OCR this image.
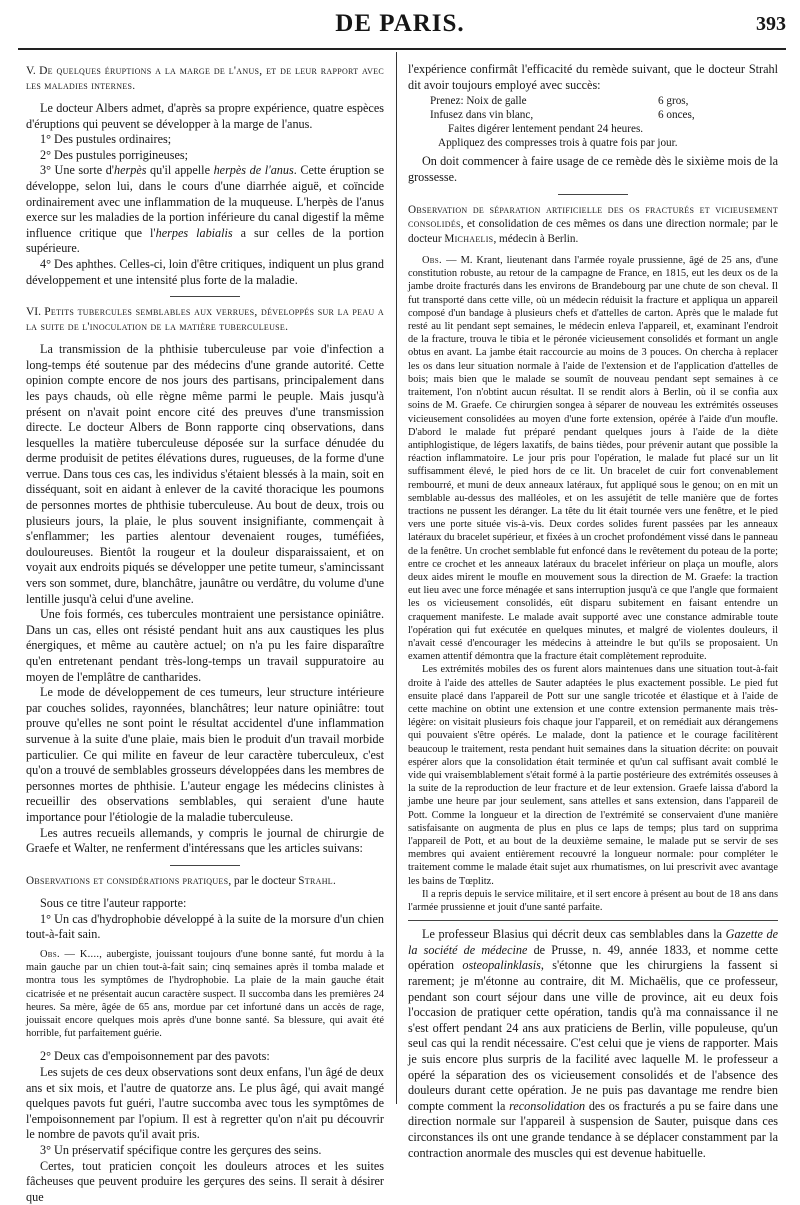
DE PARIS.	393

V. De quelques éruptions a la marge de l'anus, et de leur rapport avec les maladies internes.

Le docteur Albers admet, d'après sa propre expérience, quatre espèces d'éruptions qui peuvent se développer à la marge de l'anus.

1° Des pustules ordinaires;

2° Des pustules porrigineuses;

3° Une sorte d'herpès qu'il appelle herpès de l'anus. Cette éruption se développe, selon lui, dans le cours d'une diarrhée aiguë, et coïncide ordinairement avec une inflammation de la muqueuse. L'herpès de l'anus exerce sur les maladies de la portion inférieure du canal digestif la même influence critique que l'herpes labialis a sur celles de la portion supérieure.

4° Des aphthes. Celles-ci, loin d'être critiques, indiquent un plus grand développement et une intensité plus forte de la maladie.

VI. Petits tubercules semblables aux verrues, développés sur la peau a la suite de l'inoculation de la matière tuberculeuse.

La transmission de la phthisie tuberculeuse par voie d'infection a long-temps été soutenue par des médecins d'une grande autorité. Cette opinion compte encore de nos jours des partisans, principalement dans les pays chauds, où elle règne même parmi le peuple. Mais jusqu'à présent on n'avait point encore cité des preuves d'une transmission directe. Le docteur Albers de Bonn rapporte cinq observations, dans lesquelles la matière tuberculeuse déposée sur la surface dénudée du derme produisit de petites élévations dures, rugueuses, de la forme d'une verrue. Dans tous ces cas, les individus s'étaient blessés à la main, soit en disséquant, soit en aidant à enlever de la cavité thoracique les poumons de personnes mortes de phthisie tuberculeuse. Au bout de deux, trois ou plusieurs jours, la plaie, le plus souvent insignifiante, commençait à s'enflammer; les parties alentour devenaient rouges, tuméfiées, douloureuses. Bientôt la rougeur et la douleur disparaissaient, et on voyait aux endroits piqués se développer une petite tumeur, s'amincissant vers son sommet, dure, blanchâtre, jaunâtre ou verdâtre, du volume d'une lentille jusqu'à celui d'une aveline.

Une fois formés, ces tubercules montraient une persistance opiniâtre. Dans un cas, elles ont résisté pendant huit ans aux caustiques les plus énergiques, et même au cautère actuel; on n'a pu les faire disparaître qu'en entretenant pendant très-long-temps un travail suppuratoire au moyen de l'emplâtre de cantharides.

Le mode de développement de ces tumeurs, leur structure intérieure par couches solides, rayonnées, blanchâtres; leur nature opiniâtre: tout prouve qu'elles ne sont point le résultat accidentel d'une inflammation survenue à la suite d'une plaie, mais bien le produit d'un travail morbide particulier. Ce qui milite en faveur de leur caractère tuberculeux, c'est qu'on a trouvé de semblables grosseurs développées dans les membres de personnes mortes de phthisie. L'auteur engage les médecins clinistes à recueillir des observations semblables, qui seraient d'une haute importance pour l'étiologie de la maladie tuberculeuse.

Les autres recueils allemands, y compris le journal de chirurgie de Graefe et Walter, ne renferment d'intéressans que les articles suivans:

Observations et considérations pratiques, par le docteur Strahl.

Sous ce titre l'auteur rapporte:

1° Un cas d'hydrophobie développé à la suite de la morsure d'un chien tout-à-fait sain.

Obs. — K...., aubergiste, jouissant toujours d'une bonne santé, fut mordu à la main gauche par un chien tout-à-fait sain; cinq semaines après il tomba malade et montra tous les symptômes de l'hydrophobie. La plaie de la main gauche était cicatrisée et ne présentait aucun caractère suspect. Il succomba dans les premières 24 heures. Sa mère, âgée de 65 ans, mordue par cet infortuné dans un accès de rage, jouissait encore quelques mois après d'une bonne santé. Sa blessure, qui avait été horrible, fut parfaitement guérie.

2° Deux cas d'empoisonnement par des pavots:

Les sujets de ces deux observations sont deux enfans, l'un âgé de deux ans et six mois, et l'autre de quatorze ans. Le plus âgé, qui avait mangé quelques pavots fut guéri, l'autre succomba avec tous les symptômes de l'empoisonnement par l'opium. Il est à regretter qu'on n'ait pu découvrir le nombre de pavots qu'il avait pris.

3° Un préservatif spécifique contre les gerçures des seins.

Certes, tout praticien conçoit les douleurs atroces et les suites fâcheuses que peuvent produire les gerçures des seins. Il serait à désirer que

l'expérience confirmât l'efficacité du remède suivant, que le docteur Strahl dit avoir toujours employé avec succès:

Prenez: Noix de galle	6 gros,
Infusez dans vin blanc,	6 onces,
Faites digérer lentement pendant 24 heures.
Appliquez des compresses trois à quatre fois par jour.

On doit commencer à faire usage de ce remède dès le sixième mois de la grossesse.

Observation de séparation artificielle des os fracturés et vicieusement consolidés, et consolidation de ces mêmes os dans une direction normale; par le docteur Michaelis, médecin à Berlin.

Obs. — M. Krant, lieutenant dans l'armée royale prussienne, âgé de 25 ans, d'une constitution robuste, au retour de la campagne de France, en 1815, eut les deux os de la jambe droite fracturés dans les environs de Brandebourg par une chute de son cheval. Il fut transporté dans cette ville, où un médecin réduisit la fracture et appliqua un appareil composé d'un bandage à plusieurs chefs et d'attelles de carton. Après que le malade fut resté au lit pendant sept semaines, le médecin enleva l'appareil, et, examinant l'endroit de la fracture, trouva le tibia et le péronée vicieusement consolidés et formant un angle obtus en avant. La jambe était raccourcie au moins de 3 pouces. On chercha à replacer les os dans leur situation normale à l'aide de l'extension et de l'application d'attelles de bois; mais bien que le malade se soumît de nouveau pendant sept semaines à ce traitement, l'on n'obtint aucun résultat. Il se rendit alors à Berlin, où il se confia aux soins de M. Graefe. Ce chirurgien songea à séparer de nouveau les extrémités osseuses vicieusement consolidées au moyen d'une forte extension, opérée à l'aide d'un moufle. D'abord le malade fut préparé pendant quelques jours à l'aide de la diète antiphlogistique, de légers laxatifs, de bains tièdes, pour prévenir autant que possible la réaction inflammatoire. Le jour pris pour l'opération, le malade fut placé sur un lit suffisamment élevé, le pied hors de ce lit. Un bracelet de cuir fort convenablement rembourré, et muni de deux anneaux latéraux, fut appliqué sous le genou; on en mit un semblable au-dessus des malléoles, et on les assujétit de telle manière que de fortes tractions ne pussent les déranger. La tête du lit était tournée vers une fenêtre, et le pied vers une porte située vis-à-vis. Deux cordes solides furent passées par les anneaux latéraux du bracelet supérieur, et fixées à un crochet profondément vissé dans le panneau de la fenêtre. Un crochet semblable fut enfoncé dans le revêtement du poteau de la porte; entre ce crochet et les anneaux latéraux du bracelet inférieur on plaça un moufle, alors deux aides mirent le moufle en mouvement sous la direction de M. Graefe: la traction eut lieu avec une force ménagée et sans interruption jusqu'à ce que l'angle que formaient les os vicieusement consolidés, eût disparu subitement en faisant entendre un craquement manifeste. Le malade avait supporté avec une constance admirable toute l'opération qui fut exécutée en quelques minutes, et malgré de violentes douleurs, il n'avait cessé d'encourager les médecins à atteindre le but qu'ils se proposaient. Un examen attentif démontra que la fracture était complètement reproduite.

Les extrémités mobiles des os furent alors maintenues dans une situation tout-à-fait droite à l'aide des attelles de Sauter adaptées le plus exactement possible. Le pied fut ensuite placé dans l'appareil de Pott sur une sangle tricotée et élastique et à l'aide de cette machine on obtint une extension et une contre extension permanente mais très-légère: on visitait plusieurs fois chaque jour l'appareil, et on remédiait aux dérangemens qui pouvaient s'être opérés. Le malade, dont la patience et le courage facilitèrent beaucoup le traitement, resta pendant huit semaines dans la situation décrite: on pouvait espérer alors que la consolidation était terminée et qu'un cal suffisant avait comblé le vide qui vraisemblablement s'était formé à la partie postérieure des extrémités osseuses à la suite de la reproduction de leur fracture et de leur extension. Graefe laissa d'abord la jambe une heure par jour seulement, sans attelles et sans extension, dans l'appareil de Pott. Comme la longueur et la direction de l'extrémité se conservaient d'une manière satisfaisante on augmenta de plus en plus ce laps de temps; plus tard on supprima l'appareil de Pott, et au bout de la deuxième semaine, le malade put se servir de ses membres qui avaient entièrement recouvré la longueur normale: pour compléter le traitement comme le malade était sujet aux rhumatismes, on lui prescrivit avec avantage les bains de Tœplitz.

Il a repris depuis le service militaire, et il sert encore à présent au bout de 18 ans dans l'armée prussienne et jouit d'une santé parfaite.

Le professeur Blasius qui décrit deux cas semblables dans la Gazette de la société de médecine de Prusse, n. 49, année 1833, et nomme cette opération osteopalinklasis, s'étonne que les chirurgiens la fassent si rarement; je m'étonne au contraire, dit M. Michaëlis, que ce professeur, pendant son court séjour dans une ville de province, ait eu deux fois l'occasion de pratiquer cette opération, tandis qu'à ma connaissance il ne s'est offert pendant 24 ans aux praticiens de Berlin, ville populeuse, qu'un seul cas qui la rendit nécessaire. C'est celui que je viens de rapporter. Mais je suis encore plus surpris de la facilité avec laquelle M. le professeur a opéré la séparation des os vicieusement consolidés et de l'absence des douleurs durant cette opération. Je ne puis pas davantage me rendre bien compte comment la reconsolidation des os fracturés a pu se faire dans une direction normale sur l'appareil à suspension de Sauter, puisque dans ces circonstances ils ont une grande tendance à se déplacer constamment par la contraction anormale des muscles qui est devenue habituelle.
